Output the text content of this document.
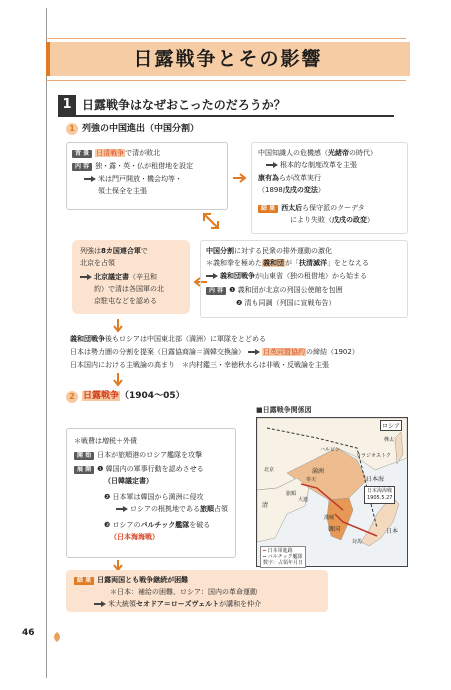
日露戦争とその影響
1 日露戦争はなぜおこったのだろうか？
1 列強の中国進出（中国分割）
背 景 日清戦争で清が敗北
内 容 独・露・英・仏が租借地を設定
米は門戸開放・機会均等・
領土保全を主張
中国知識人の危機感（光緒帝の時代）
根本的な制度改革を主張
康有為らが改革実行
（1898戊戌の変法）
結 果 西太后ら保守派のクーデタ
により失敗（戊戌の政変）
列強は8カ国連合軍で
北京を占領
北京議定書（辛丑和
約）で清は各国軍の北
京駐屯などを認める
中国分割に対する民衆の排外運動の激化
＊義和拳を極めた義和団が「扶清滅洋」をとなえる
義和団戦争が山東省（独の租借地）から始まる
内 容 ❶ 義和団が北京の列国公使館を包囲
❷ 清も同調（列国に宣戦布告）
義和団戦争後もロシアは中国東北部（満洲）に軍隊をとどめる
日本は勢力圏の分割を提案（日露協商論＝満韓交換論）	日英同盟協約の締結（1902）
日本国内における主戦論の高まり　＊内村鑑三・幸徳秋水らは非戦・反戦論を主張
2 日露戦争（1904～05）
＊戦費は増税＋外債
開 始 日本が旅順港のロシア艦隊を攻撃
展 開 ❶ 韓国内の軍事行動を認めさせる
（日韓議定書）
❷ 日本軍は韓国から満洲に侵攻
ロシアの根拠地である旅順占領
❸ ロシアのバルチック艦隊を破る
（日本海海戦）
結 果 日露両国とも戦争継続が困難
＊日本：補給の困難、ロシア：国内の革命運動
米大統領セオドア＝ローズヴェルトが講和を仲介
■日露戦争関係図
ロシア
満洲
清
韓国	日本
日本海
旅順
奉天
大連
漢城
ウラジオストク
ハルビン
樺太
北京
対馬
日本海海戦
1905.5.27
━ 日本軍進路
┅ バルチック艦隊
数字：占領年月日
46
